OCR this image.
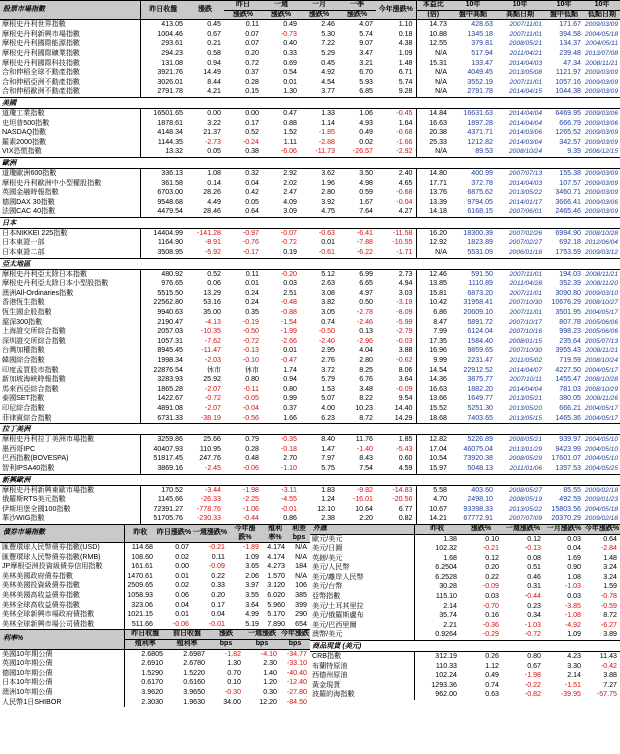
股票市場指數	昨日收盤	漲跌	昨日	一週	一月	一季	今年漲跌%	本益比	10年	10年	10年	10年
			漲跌%	漲跌%	漲跌%	漲跌%		(倍)	盤中高點	高點日期	盤中低點	低點日期
摩根史丹利世界指數	413.05	0.45	0.11	0.49	2.46	4.07	1.10	14.73	428.63	2007/11/01	171.67	2009/03/09
摩根史丹利新興市場指數	1004.46	0.67	0.07	-0.73	5.30	5.74	0.18	10.88	1345.18	2007/11/01	394.58	2004/05/18
摩根史丹利國際能源指數	293.61	0.21	0.07	0.40	7.22	9.07	4.38	12.55	379.81	2008/05/21	134.37	2004/05/11
摩根史丹利國際礦業指數	294.23	0.58	0.20	0.33	5.29	3.47	1.09	N/A	517.94	2011/04/21	239.48	2013/07/08
摩根史丹利國際科技指數	131.08	0.94	0.72	0.69	0.45	3.21	1.48	15.31	133.47	2014/04/03	47.34	2008/11/21
合和伸稻全球不動產指數	3921.76	14.49	0.37	0.54	4.92	6.70	6.71	N/A	4049.45	2013/05/08	1121.97	2009/03/09
合和伸稻亞洲不動產指數	3026.01	8.44	0.28	0.01	4.54	5.93	5.74	N/A	3552.19	2007/11/01	1057.16	2009/03/09
合和伸稻歐洲不動產指數	2791.78	4.21	0.15	1.30	3.77	6.85	9.28	N/A	2791.78	2014/04/15	1044.38	2009/03/09
美國												
道瓊工業指數	16501.65	0.00	0.00	0.47	1.33	1.06	-0.45	14.84	16631.63	2014/04/04	6469.95	2009/03/06
史坦普500指數	1878.61	3.22	0.17	0.88	1.14	4.93	1.64	16.63	1897.28	2014/04/04	666.79	2009/03/06
NASDAQ指數	4148.34	21.37	0.52	1.52	-1.85	0.49	-0.68	20.38	4371.71	2014/03/06	1265.52	2009/03/09
羅素2000指數	1144.35	-2.73	-0.24	1.11	-2.88	0.02	-1.66	25.33	1212.82	2014/03/04	342.57	2009/03/09
VIX恐慌指數	13.32	0.05	0.38	-6.06	-11.73	-26.57	-2.92	N/A	89.53	2008/10/24	9.39	2006/12/15
歐洲												
道瓊歐洲600指數	336.13	1.08	0.32	2.92	3.62	3.50	2.40	14.80	400.99	2007/07/13	155.38	2009/03/09
摩根史丹利歐洲中小型權股指數	361.58	0.14	0.04	2.02	1.96	4.98	4.65	17.71	372.78	2014/04/03	107.57	2009/03/09
英國金融時報指數	6703.00	28.26	0.42	2.47	2.80	0.59	-0.68	13.76	6875.62	2013/05/22	3460.71	2009/03/09
德國DAX 30指數	9548.68	4.49	0.05	4.09	3.92	1.67	-0.04	13.39	9794.05	2014/01/17	3666.41	2009/03/06
法國CAC 40指數	4479.54	28.46	0.64	3.09	4.75	7.64	4.27	14.18	6168.15	2007/06/01	2465.46	2009/03/09
日本												
日本NIKKEI 225指數	14404.99	-141.28	-0.97	-0.07	-0.63	-6.41	-11.58	16.20	18300.39	2007/02/26	6994.90	2008/10/28
日本東證一部	1164.90	-8.91	-0.76	-0.72	0.01	-7.88	-10.55	12.92	1823.89	2007/02/27	692.18	2012/06/04
日本東證二部	3508.95	-5.92	-0.17	0.19	-0.61	-6.22	-1.71	N/A	5531.09	2006/01/16	1753.59	2009/03/12
亞太地區												
摩根史丹利亞太除日本指數	480.92	0.52	0.11	-0.20	5.12	6.99	2.73	12.46	591.50	2007/11/01	194.03	2008/11/21
摩根史丹利亞太除日本小型股指數	976.65	0.06	0.01	0.03	2.63	6.65	4.94	13.85	1110.89	2011/04/28	352.39	2008/11/20
澳洲All-Ordinaries指數	5515.50	13.29	0.24	2.51	3.08	4.97	3.03	15.81	6873.20	2007/11/01	3090.80	2009/03/10
香港恆生指數	22562.80	53.16	0.24	-0.48	3.82	0.50	-3.19	10.42	31958.41	2007/10/30	10676.29	2008/10/27
恆生國企股指數	9940.63	35.00	0.35	-0.88	3.05	-2.78	-8.09	6.86	20609.10	2007/11/01	3501.95	2004/05/17
滬深300指數	2190.47	-4.13	-0.19	-1.54	0.74	-2.46	-5.99	8.47	5891.72	2007/10/17	807.78	2005/06/06
上海證交所綜合指數	2057.03	-10.35	-0.50	-1.99	-0.50	0.13	-2.79	7.99	6124.04	2007/10/16	998.23	2005/06/06
深圳證交所綜合指數	1057.31	-7.62	-0.72	-2.66	-2.40	-2.96	-0.03	17.35	1584.40	2008/01/15	235.64	2005/07/13
台灣加權指數	8945.45	-11.47	-0.13	0.01	2.95	4.04	3.88	16.96	9859.65	2007/10/30	3955.43	2008/11/21
韓國綜合指數	1998.34	-2.03	-0.10	-0.47	2.76	2.80	-0.62	9.99	2231.47	2011/05/02	719.59	2008/10/24
印度孟買股市指數	22876.54	休市	休市	1.74	3.72	8.25	8.06	14.54	22912.52	2014/04/07	4227.50	2004/05/17
新加坡海峽時報指數	3283.93	25.92	0.80	0.94	5.79	6.76	3.64	14.36	3875.77	2007/10/11	1455.47	2008/10/28
馬來西亞綜合指數	1865.28	-2.07	-0.11	0.80	1.53	3.48	-0.09	16.63	1882.20	2014/04/04	781.03	2008/10/29
泰國SET指數	1422.67	-0.72	-0.05	0.99	5.07	8.22	9.54	13.66	1649.77	2013/05/21	380.05	2008/11/26
印尼綜合指數	4891.08	-2.07	-0.04	0.37	4.00	10.23	14.40	15.52	5251.30	2013/05/20	666.21	2004/05/17
菲律賓綜合指數	6731.33	-38.19	-0.56	1.66	6.23	8.72	14.29	18.68	7403.65	2013/05/15	1465.36	2004/05/17
拉丁美洲												
摩根史丹利拉丁美洲市場指數	3259.86	25.66	0.79	-0.35	8.40	11.76	1.85	12.82	5226.89	2008/05/21	939.97	2004/05/10
墨西哥IPC	40407.93	110.95	0.28	-0.18	1.47	-1.40	-5.43	17.04	46075.04	2013/01/29	9423.99	2004/05/10
巴西指數(BOVESPA)	51817.45	247.76	0.48	2.70	7.97	8.43	0.60	10.54	73920.38	2008/05/29	17601.07	2004/05/10
智利IPSA40指數	3869.16	-2.45	-0.06	-1.10	5.75	7.54	4.59	15.97	5048.13	2011/01/06	1357.53	2004/05/25
新興歐洲												
摩根史丹利新興東歐市場指數	170.52	-3.44	-1.98	-3.11	1.83	-9.82	-14.83	5.58	403.60	2008/05/27	85.55	2009/02/18
俄羅斯RTS美元指數	1145.66	-26.33	-2.25	-4.55	1.24	-16.01	-20.56	4.70	2498.10	2008/05/19	492.59	2009/01/23
伊斯坦堡全國100指數	72391.27	-778.76	-1.06	-0.01	12.10	10.64	6.77	10.67	93398.33	2013/05/22	15803.56	2004/05/18
華沙WIG指數	51705.76	-230.33	-0.44	0.86	2.38	2.20	0.82	14.21	67772.91	2007/07/09	20370.29	2009/02/18
債券市場指數	昨收	昨日漲跌%	一週漲跌%	今年漲跌%	殖利率%	利差bps
匯豐環球人民幣債券指數(USD)	114.68	0.07	-0.21	-1.89	4.174	N/A
匯豐環球人民幣債券指數(RMB)	108.60	0.02	0.11	1.09	4.174	N/A
JP摩根亞洲投資級債券信用指數	161.61	0.00	-0.09	3.65	4.273	184
美林美國政府債券指數	1470.61	0.01	0.22	2.06	1.570	N/A
美林美國投資級債券指數	2509.65	0.02	0.33	3.97	3.120	106
美林美國高收益債券指數	1058.93	0.06	0.20	3.55	6.020	385
美林全球高收益債券指數	323.06	0.04	0.17	3.64	5.960	399
美林全球新興市場政府債指數	1021.15	0.01	0.04	4.99	5.170	290
美林全球新興市場公司債指數	511.66	-0.06	-0.01	5.19	7.890	654
利率%	昨日收盤	前日收盤	漲跌	一週漲跌	今年漲跌
	殖利率	殖利率	bps	bps	bps
美國10年期公債	2.6805	2.6987	-1.82	-4.10	-34.77
英國10年期公債	2.6910	2.6780	1.30	2.30	-33.10
德國10年期公債	1.5290	1.5220	0.70	1.40	-40.40
日本10年期公債	0.6170	0.6160	0.10	1.20	-12.40
澳洲10年期公債	3.9620	3.9650	-0.30	0.30	-27.80
人民幣1日SHIBOR	2.3030	1.9630	34.00	12.20	-84.50
外匯	昨收	漲跌%	一週漲跌%	一月漲跌%	今年漲跌%
歐元/美元	1.38	0.10	0.12	0.03	0.64
美元/日圓	102.32	-0.21	-0.13	0.04	-2.84
英鎊/美元	1.68	0.12	0.08	1.69	1.48
美元/人民幣	6.2504	0.20	0.51	0.90	3.24
美元/離岸人民幣	6.2528	0.22	0.46	1.08	3.24
美元/台幣	30.28	-0.09	0.31	-1.03	1.59
亞幣指數	115.10	0.03	-0.44	0.03	-0.78
美元/土耳其里拉	2.14	-0.70	0.23	-3.85	-0.59
美元/俄羅斯盧布	35.74	0.16	0.34	-1.08	8.72
美元/巴西里爾	2.21	-0.36	-1.03	-4.92	-6.27
澳幣/美元	0.9264	-0.29	-0.72	1.09	3.89
商品現貨 (美元)					
CRB指數	312.19	0.26	0.80	4.23	11.43
布蘭特原油	110.33	1.12	0.67	3.30	-0.42
西德州原油	102.24	0.49	-1.98	2.14	3.88
黃金現貨	1293.36	0.74	-0.22	-1.51	7.27
波羅的海指數	962.00	0.63	-0.82	-39.95	-57.75
